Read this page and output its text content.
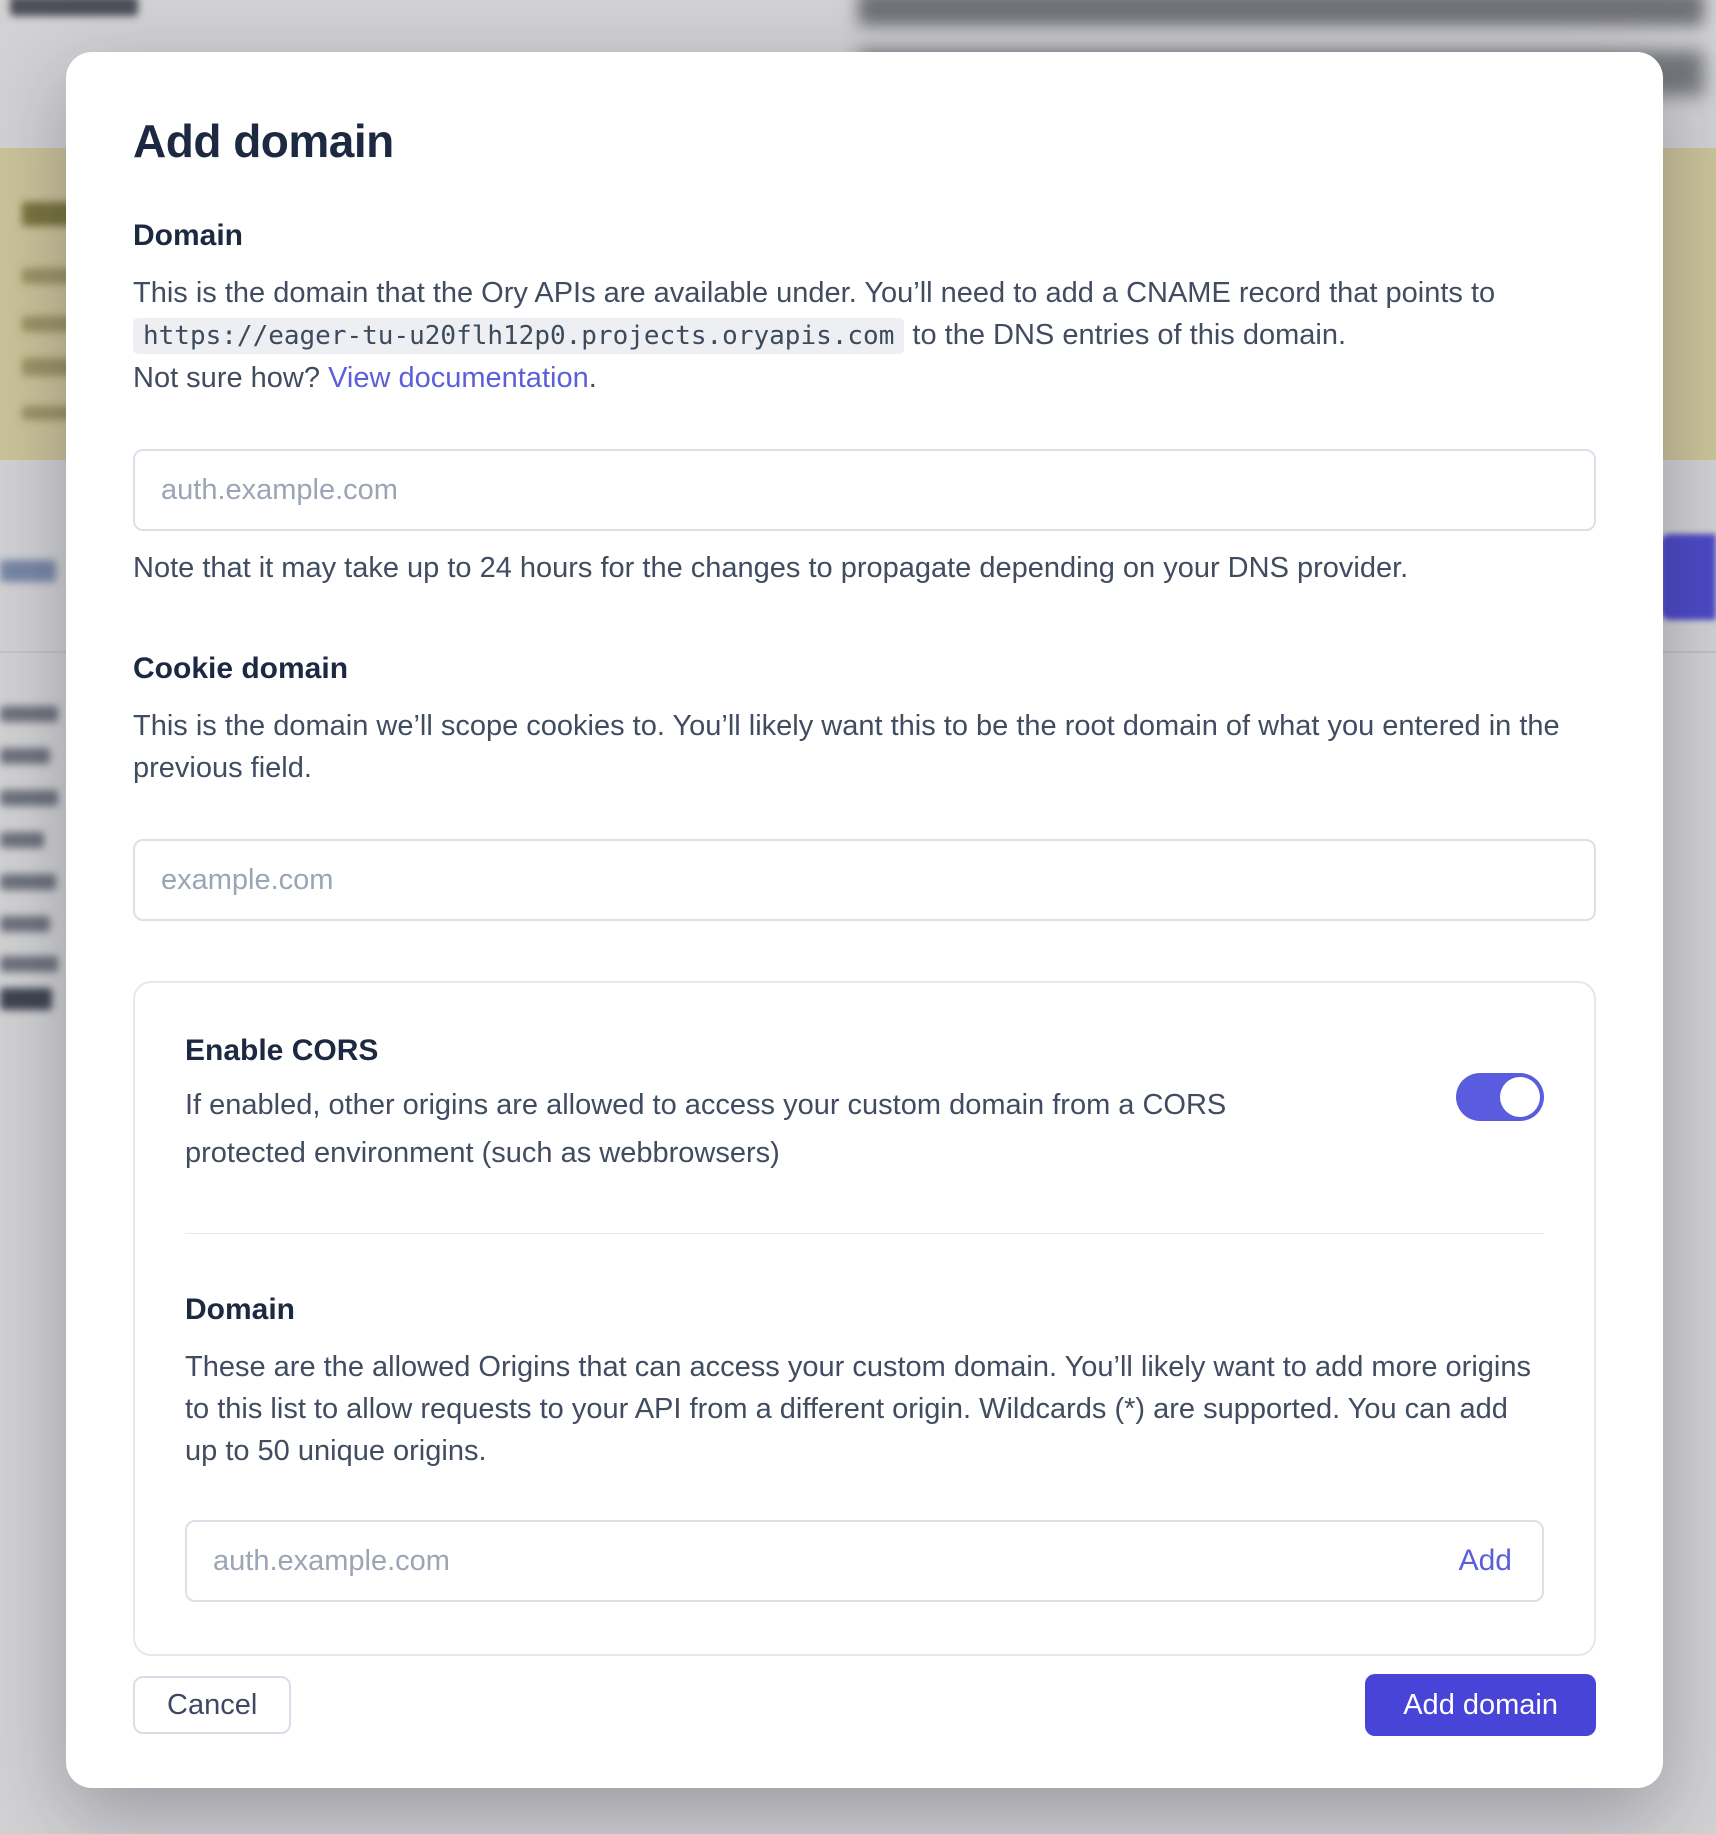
Add domain
Domain

This is the domain that the Ory APIs are available under. You’ll need to add a CNAME record that points to https://eager-tu-u20flh12p0.projects.oryapis.com to the DNS entries of this domain.

Not sure how? View documentation.

auth.example.com

Note that it may take up to 24 hours for the changes to propagate depending on your DNS provider.

Cookie domain

This is the domain we’ll scope cookies to. You’ll likely want this to be the root domain of what you entered in the previous field.

example.com
Enable CORS

If enabled, other origins are allowed to access your custom domain from a CORS protected environment (such as webbrowsers)

Domain

These are the allowed Origins that can access your custom domain. You’ll likely want to add more origins to this list to allow requests to your API from a different origin. Wildcards (*) are supported. You can add up to 50 unique origins.

auth.example.com
Add
Cancel	Add domain
